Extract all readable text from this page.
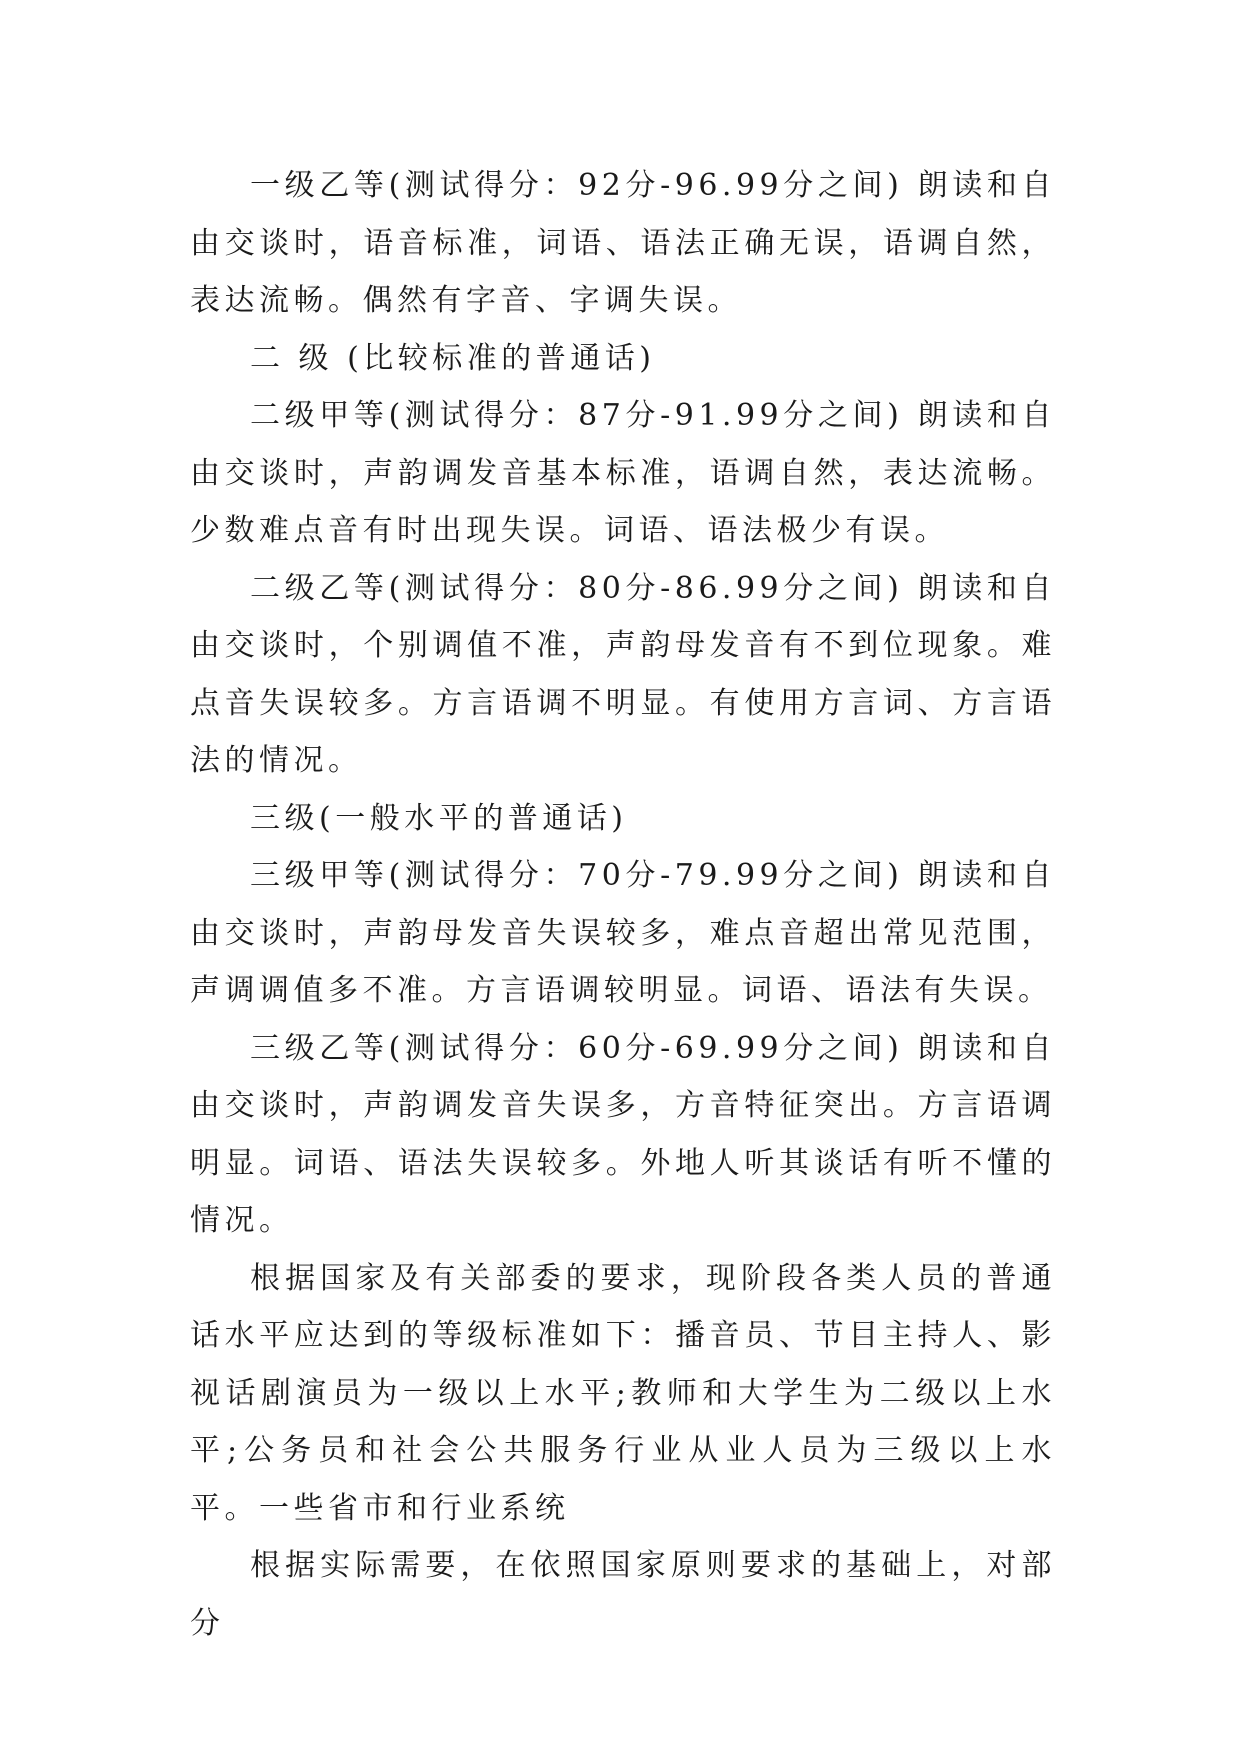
一级乙等(测试得分：92分-96.99分之间) 朗读和自由交谈时，语音标准，词语、语法正确无误，语调自然，表达流畅。偶然有字音、字调失误。

二 级 (比较标准的普通话)

二级甲等(测试得分：87分-91.99分之间) 朗读和自由交谈时，声韵调发音基本标准，语调自然，表达流畅。少数难点音有时出现失误。词语、语法极少有误。

二级乙等(测试得分：80分-86.99分之间) 朗读和自由交谈时，个别调值不准，声韵母发音有不到位现象。难点音失误较多。方言语调不明显。有使用方言词、方言语法的情况。

三级(一般水平的普通话)

三级甲等(测试得分：70分-79.99分之间) 朗读和自由交谈时，声韵母发音失误较多，难点音超出常见范围，声调调值多不准。方言语调较明显。词语、语法有失误。

三级乙等(测试得分：60分-69.99分之间) 朗读和自由交谈时，声韵调发音失误多，方音特征突出。方言语调明显。词语、语法失误较多。外地人听其谈话有听不懂的情况。

根据国家及有关部委的要求，现阶段各类人员的普通话水平应达到的等级标准如下：播音员、节目主持人、影视话剧演员为一级以上水平;教师和大学生为二级以上水平;公务员和社会公共服务行业从业人员为三级以上水平。一些省市和行业系统

根据实际需要，在依照国家原则要求的基础上，对部分
